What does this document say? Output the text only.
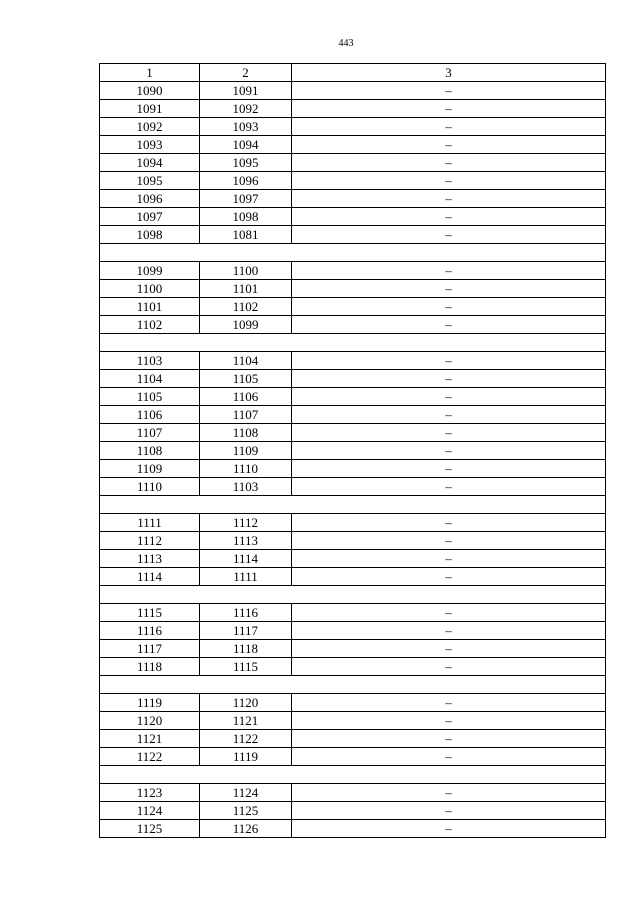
443
1	2	3
1090	1091	–
1091	1092	–
1092	1093	–
1093	1094	–
1094	1095	–
1095	1096	–
1096	1097	–
1097	1098	–
1098	1081	–

1099	1100	–
1100	1101	–
1101	1102	–
1102	1099	–

1103	1104	–
1104	1105	–
1105	1106	–
1106	1107	–
1107	1108	–
1108	1109	–
1109	1110	–
1110	1103	–

1111	1112	–
1112	1113	–
1113	1114	–
1114	1111	–

1115	1116	–
1116	1117	–
1117	1118	–
1118	1115	–

1119	1120	–
1120	1121	–
1121	1122	–
1122	1119	–

1123	1124	–
1124	1125	–
1125	1126	–
